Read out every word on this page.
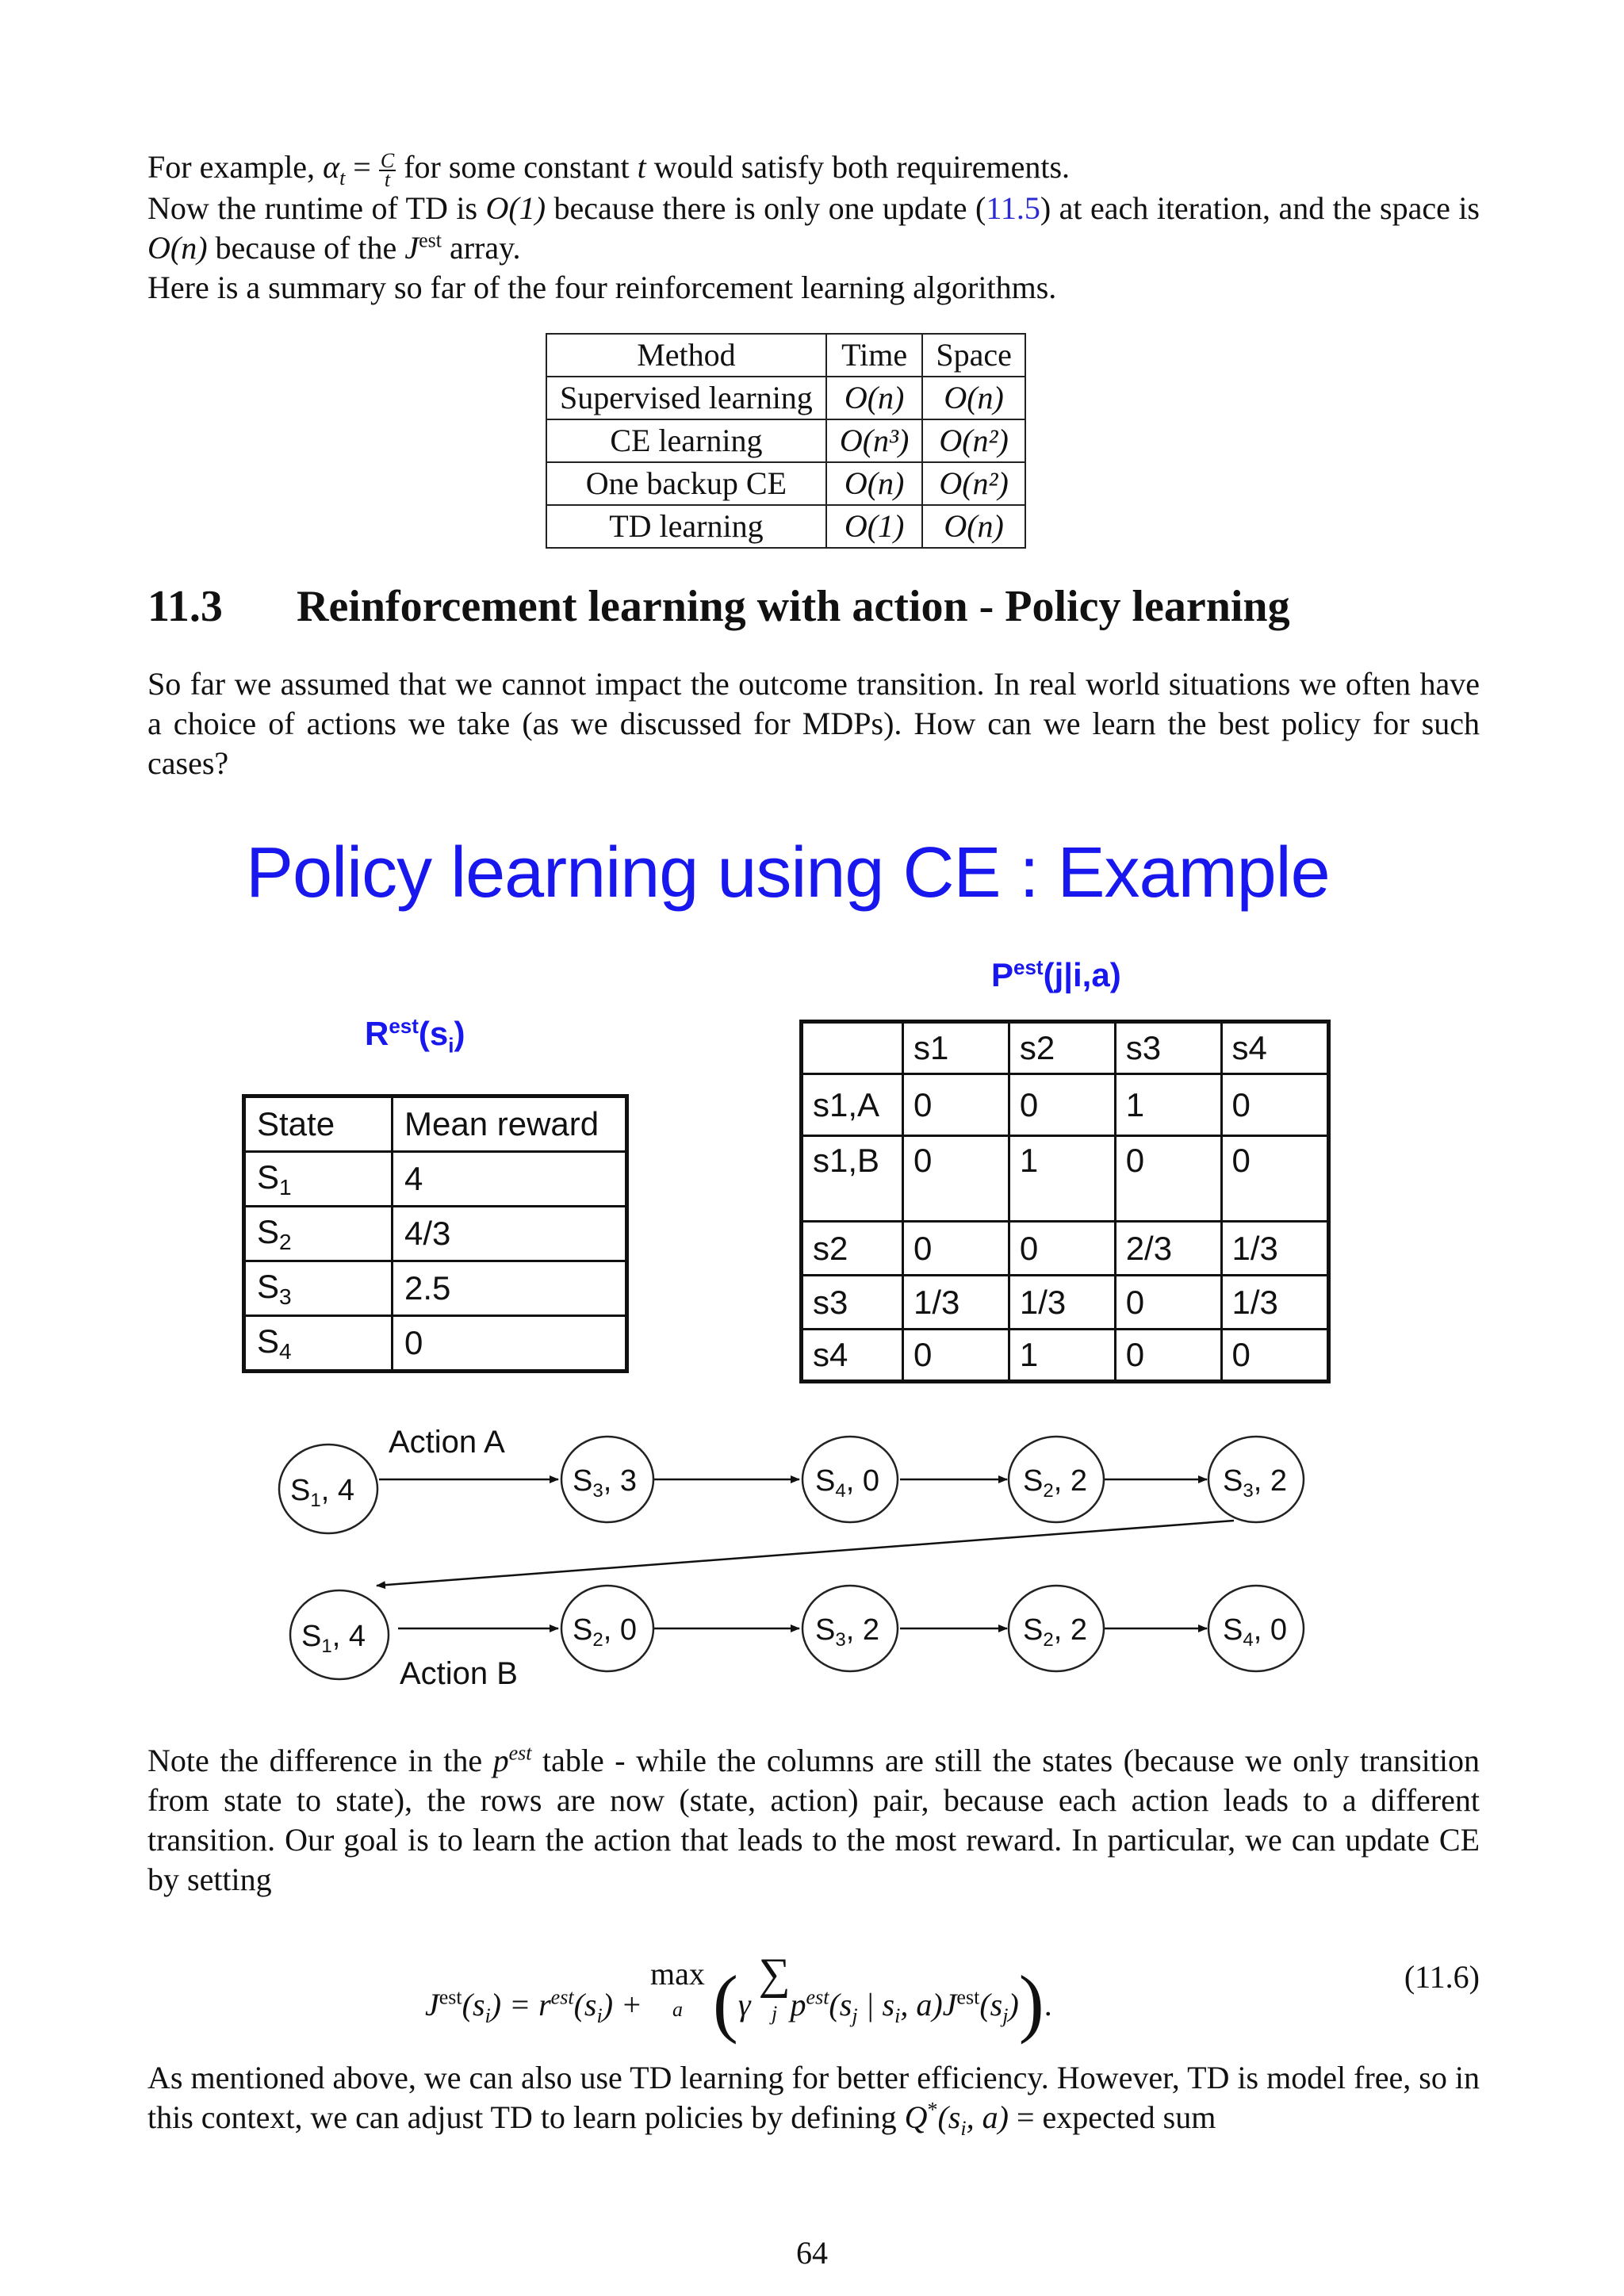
For example, $\alpha_t = \frac{C}{t}$ for some constant t would satisfy both requirements.

Now the runtime of TD is O(1) because there is only one update (11.5) at each iteration, and the space is O(n) because of the $J^{est}$ array.

Here is a summary so far of the four reinforcement learning algorithms.

Method	Time	Space
Supervised learning	O(n)	O(n)
CE learning	O(n³)	O(n²)
One backup CE	O(n)	O(n²)
TD learning	O(1)	O(n)
11.3 Reinforcement learning with action - Policy learning

So far we assumed that we cannot impact the outcome transition. In real world situations we often have a choice of actions we take (as we discussed for MDPs). How can we learn the best policy for such cases?

Policy learning using CE : Example
$R^{est}(s_i)$
State	Mean reward
$S_1$	4
$S_2$	4/3
$S_3$	2.5
$S_4$	0
$P^{est}(j|i,a)$
	s1	s2	s3	s4
s1,A	0	0	1	0
s1,B	0	1	0	0
s2	0	0	2/3	1/3
s3	1/3	1/3	0	1/3
s4	0	1	0	0
$S_1$, 4	$S_3$, 3	$S_4$, 0	$S_2$, 2	$S_3$, 2
$S_1$, 4	$S_2$, 0	$S_3$, 2	$S_2$, 2	$S_4$, 0
Action A
Action B

Note the difference in the $p^{est}$ table - while the columns are still the states (because we only transition from state to state), the rows are now (state, action) pair, because each action leads to a different transition. Our goal is to learn the action that leads to the most reward. In particular, we can update CE by setting

$J^{est}(s_i) = r^{est}(s_i) + \max$
a (γ ∑
j $p^{est}(s_j$ | $s_i$, $a)J^{est}(s_j)$).
(11.6)

As mentioned above, we can also use TD learning for better efficiency. However, TD is model free, so in this context, we can adjust TD to learn policies by defining $Q^*(s_i$, a) = expected sum

64
